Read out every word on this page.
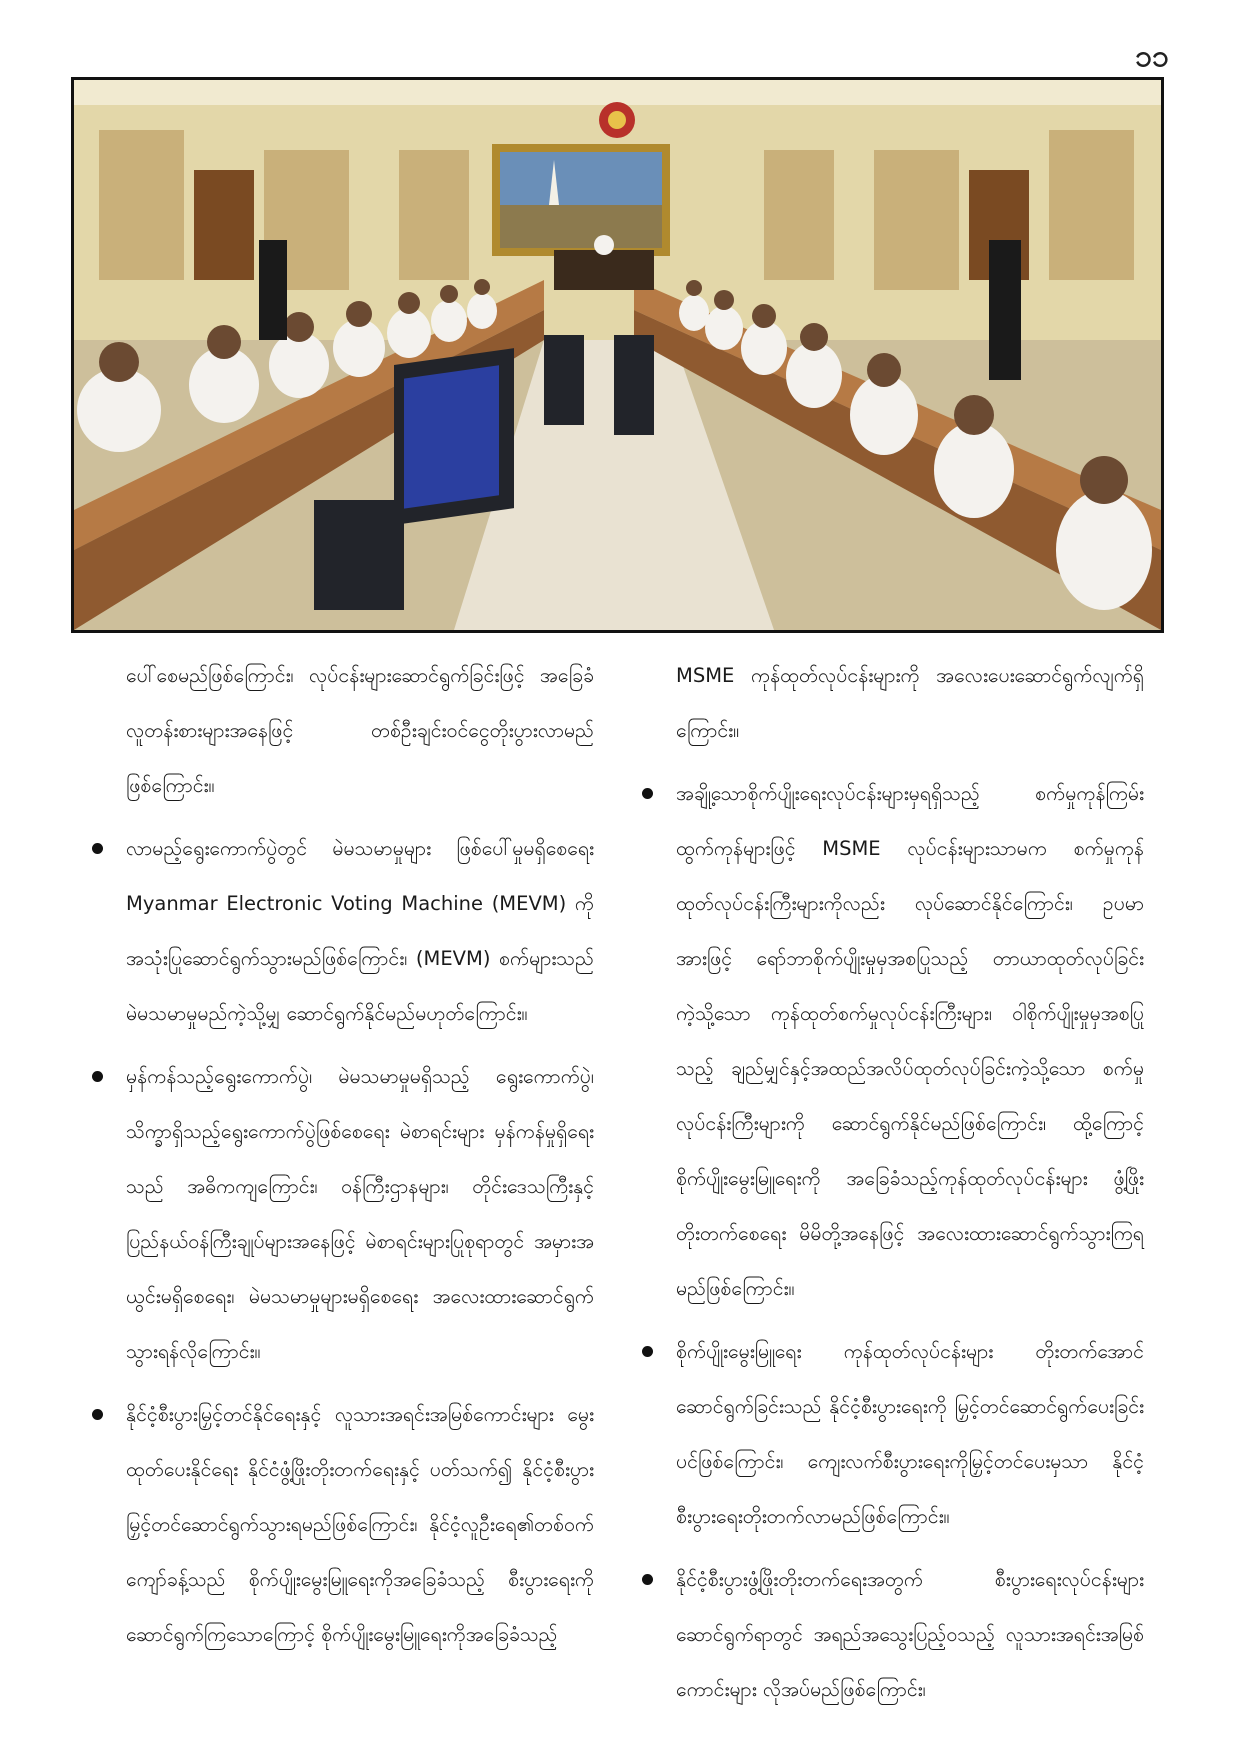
၁၁

ပေါ်စေမည်ဖြစ်ကြောင်း၊ လုပ်ငန်းများဆောင်ရွက်ခြင်းဖြင့် အခြေခံလူတန်းစားများအနေဖြင့် တစ်ဦးချင်းဝင်ငွေတိုးပွားလာမည်ဖြစ်ကြောင်း။

လာမည့်ရွေးကောက်ပွဲတွင် မဲမသမာမှုများ ဖြစ်ပေါ်မှုမရှိစေရေး Myanmar Electronic Voting Machine (MEVM) ကို အသုံးပြုဆောင်ရွက်သွားမည်ဖြစ်ကြောင်း၊ (MEVM) စက်များသည် မဲမသမာမှုမည်ကဲ့သို့မျှ ဆောင်ရွက်နိုင်မည်မဟုတ်ကြောင်း။
မှန်ကန်သည့်ရွေးကောက်ပွဲ၊ မဲမသမာမှုမရှိသည့် ရွေးကောက်ပွဲ၊ သိက္ခာရှိသည့်ရွေးကောက်ပွဲဖြစ်စေရေး မဲစာရင်းများ မှန်ကန်မှုရှိရေးသည် အဓိကကျကြောင်း၊ ဝန်ကြီးဌာနများ၊ တိုင်းဒေသကြီးနှင့် ပြည်နယ်ဝန်ကြီးချုပ်များအနေဖြင့် မဲစာရင်းများပြုစုရာတွင် အမှားအယွင်းမရှိစေရေး၊ မဲမသမာမှုများမရှိစေရေး အလေးထားဆောင်ရွက်သွားရန်လိုကြောင်း။
နိုင်ငံ့စီးပွားမြှင့်တင်နိုင်ရေးနှင့် လူသားအရင်းအမြစ်ကောင်းများ မွေးထုတ်ပေးနိုင်ရေး နိုင်ငံဖွံ့ဖြိုးတိုးတက်ရေးနှင့် ပတ်သက်၍ နိုင်ငံ့စီးပွားမြှင့်တင်ဆောင်ရွက်သွားရမည်ဖြစ်ကြောင်း၊ နိုင်ငံ့လူဦးရေ၏တစ်ဝက်ကျော်ခန့်သည် စိုက်ပျိုးမွေးမြူရေးကိုအခြေခံသည့် စီးပွားရေးကို ဆောင်ရွက်ကြသောကြောင့် စိုက်ပျိုးမွေးမြူရေးကိုအခြေခံသည့်

MSME ကုန်ထုတ်လုပ်ငန်းများကို အလေးပေးဆောင်ရွက်လျက်ရှိကြောင်း။

အချို့သောစိုက်ပျိုးရေးလုပ်ငန်းများမှရရှိသည့် စက်မှုကုန်ကြမ်းထွက်ကုန်များဖြင့် MSME လုပ်ငန်းများသာမက စက်မှုကုန်ထုတ်လုပ်ငန်းကြီးများကိုလည်း လုပ်ဆောင်နိုင်ကြောင်း၊ ဥပမာအားဖြင့် ရော်ဘာစိုက်ပျိုးမှုမှအစပြုသည့် တာယာထုတ်လုပ်ခြင်းကဲ့သို့သော ကုန်ထုတ်စက်မှုလုပ်ငန်းကြီးများ၊ ဝါစိုက်ပျိုးမှုမှအစပြုသည့် ချည်မျှင်နှင့်အထည်အလိပ်ထုတ်လုပ်ခြင်းကဲ့သို့သော စက်မှုလုပ်ငန်းကြီးများကို ဆောင်ရွက်နိုင်မည်ဖြစ်ကြောင်း၊ ထို့ကြောင့် စိုက်ပျိုးမွေးမြူရေးကို အခြေခံသည့်ကုန်ထုတ်လုပ်ငန်းများ ဖွံ့ဖြိုးတိုးတက်စေရေး မိမိတို့အနေဖြင့် အလေးထားဆောင်ရွက်သွားကြရမည်ဖြစ်ကြောင်း။
စိုက်ပျိုးမွေးမြူရေး ကုန်ထုတ်လုပ်ငန်းများ တိုးတက်အောင်ဆောင်ရွက်ခြင်းသည် နိုင်ငံ့စီးပွားရေးကို မြှင့်တင်ဆောင်ရွက်ပေးခြင်းပင်ဖြစ်ကြောင်း၊ ကျေးလက်စီးပွားရေးကိုမြှင့်တင်ပေးမှသာ နိုင်ငံ့စီးပွားရေးတိုးတက်လာမည်ဖြစ်ကြောင်း။
နိုင်ငံ့စီးပွားဖွံ့ဖြိုးတိုးတက်ရေးအတွက် စီးပွားရေးလုပ်ငန်းများဆောင်ရွက်ရာတွင် အရည်အသွေးပြည့်ဝသည့် လူသားအရင်းအမြစ်ကောင်းများ လိုအပ်မည်ဖြစ်ကြောင်း၊
